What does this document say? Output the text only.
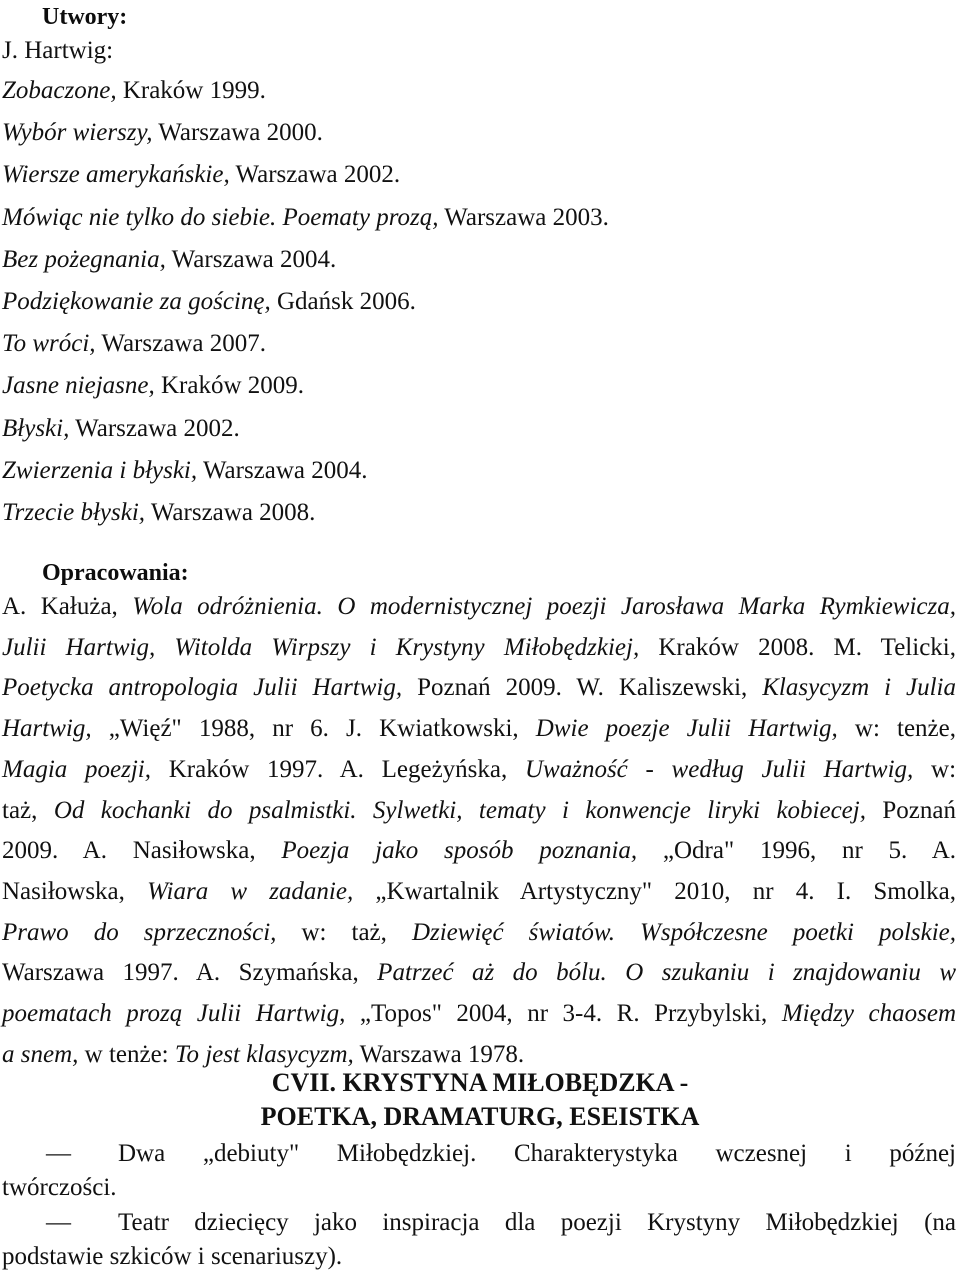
Utwory:
J. Hartwig:
Zobaczone, Kraków 1999.
Wybór wierszy, Warszawa 2000.
Wiersze amerykańskie, Warszawa 2002.
Mówiąc nie tylko do siebie. Poematy prozą, Warszawa 2003.
Bez pożegnania, Warszawa 2004.
Podziękowanie za gościnę, Gdańsk 2006.
To wróci, Warszawa 2007.
Jasne niejasne, Kraków 2009.
Błyski, Warszawa 2002.
Zwierzenia i błyski, Warszawa 2004.
Trzecie błyski, Warszawa 2008.
Opracowania:
A. Kałuża, Wola odróżnienia. O modernistycznej poezji Jarosława Marka Rymkiewicza,
Julii Hartwig, Witolda Wirpszy i Krystyny Miłobędzkiej, Kraków 2008. M. Telicki,
Poetycka antropologia Julii Hartwig, Poznań 2009. W. Kaliszewski, Klasycyzm i Julia
Hartwig, „Więź" 1988, nr 6. J. Kwiatkowski, Dwie poezje Julii Hartwig, w: tenże,
Magia poezji, Kraków 1997. A. Legeżyńska, Uważność - według Julii Hartwig, w:
taż, Od kochanki do psalmistki. Sylwetki, tematy i konwencje liryki kobiecej, Poznań
2009. A. Nasiłowska, Poezja jako sposób poznania, „Odra" 1996, nr 5. A.
Nasiłowska, Wiara w zadanie, „Kwartalnik Artystyczny" 2010, nr 4. I. Smolka,
Prawo do sprzeczności, w: taż, Dziewięć światów. Współczesne poetki polskie,
Warszawa 1997. A. Szymańska, Patrzeć aż do bólu. O szukaniu i znajdowaniu w
poematach prozą Julii Hartwig, „Topos" 2004, nr 3-4. R. Przybylski, Między chaosem
a snem, w tenże: To jest klasycyzm, Warszawa 1978.
CVII. KRYSTYNA MIŁOBĘDZKA -
POETKA, DRAMATURG, ESEISTKA
— Dwa „debiuty" Miłobędzkiej. Charakterystyka wczesnej i późnej
twórczości.
— Teatr dziecięcy jako inspiracja dla poezji Krystyny Miłobędzkiej (na
podstawie szkiców i scenariuszy).
